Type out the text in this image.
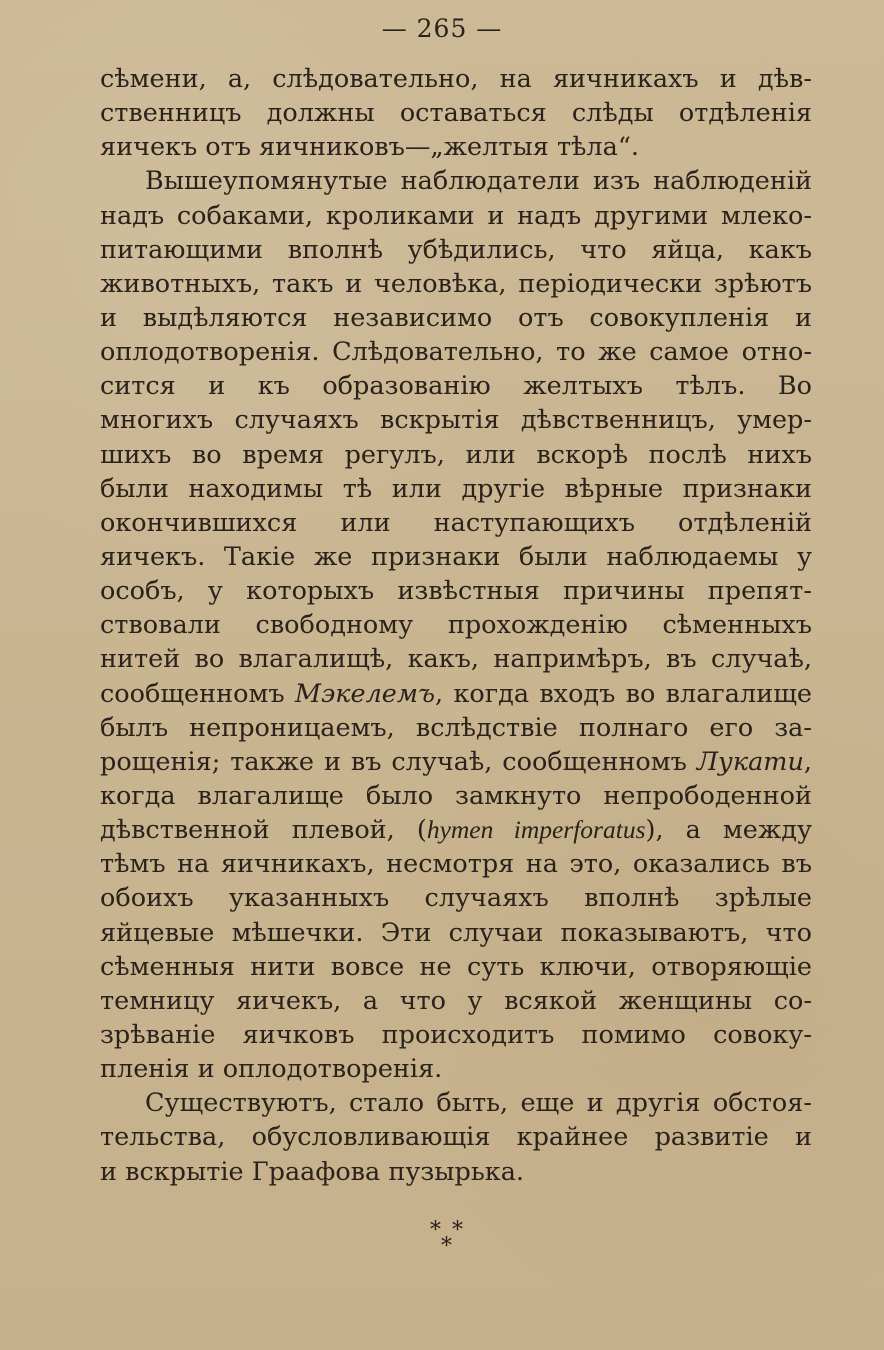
— 265 —
сѣмени, а, слѣдовательно, на яичникахъ и дѣв-
ственницъ должны оставаться слѣды отдѣленія
яичекъ отъ яичниковъ—„желтыя тѣла“.
Вышеупомянутые наблюдатели изъ наблюденій
надъ собаками, кроликами и надъ другими млеко-
питающими вполнѣ убѣдились, что яйца, какъ
животныхъ, такъ и человѣка, періодически зрѣютъ
и выдѣляются независимо отъ совокупленія и
оплодотворенія. Слѣдовательно, то же самое отно-
сится и къ образованію желтыхъ тѣлъ. Во
многихъ случаяхъ вскрытія дѣвственницъ, умер-
шихъ во время регулъ, или вскорѣ послѣ нихъ
были находимы тѣ или другіе вѣрные признаки
окончившихся или наступающихъ отдѣленій
яичекъ. Такіе же признаки были наблюдаемы у
особъ, у которыхъ извѣстныя причины препят-
ствовали свободному прохожденію сѣменныхъ
нитей во влагалищѣ, какъ, напримѣръ, въ случаѣ,
сообщенномъ Мэкелемъ, когда входъ во влагалище
былъ непроницаемъ, вслѣдствіе полнаго его за-
рощенія; также и въ случаѣ, сообщенномъ Лукати,
когда влагалище было замкнуто непрободенной
дѣвственной плевой, (hymen imperforatus), а между
тѣмъ на яичникахъ, несмотря на это, оказались въ
обоихъ указанныхъ случаяхъ вполнѣ зрѣлые
яйцевые мѣшечки. Эти случаи показываютъ, что
сѣменныя нити вовсе не суть ключи, отворяющіе
темницу яичекъ, а что у всякой женщины со-
зрѣваніе яичковъ происходитъ помимо совоку-
пленія и оплодотворенія.
Существуютъ, стало быть, еще и другія обстоя-
тельства, обусловливающія крайнее развитіе и
и вскрытіе Граафова пузырька.
* *
*
